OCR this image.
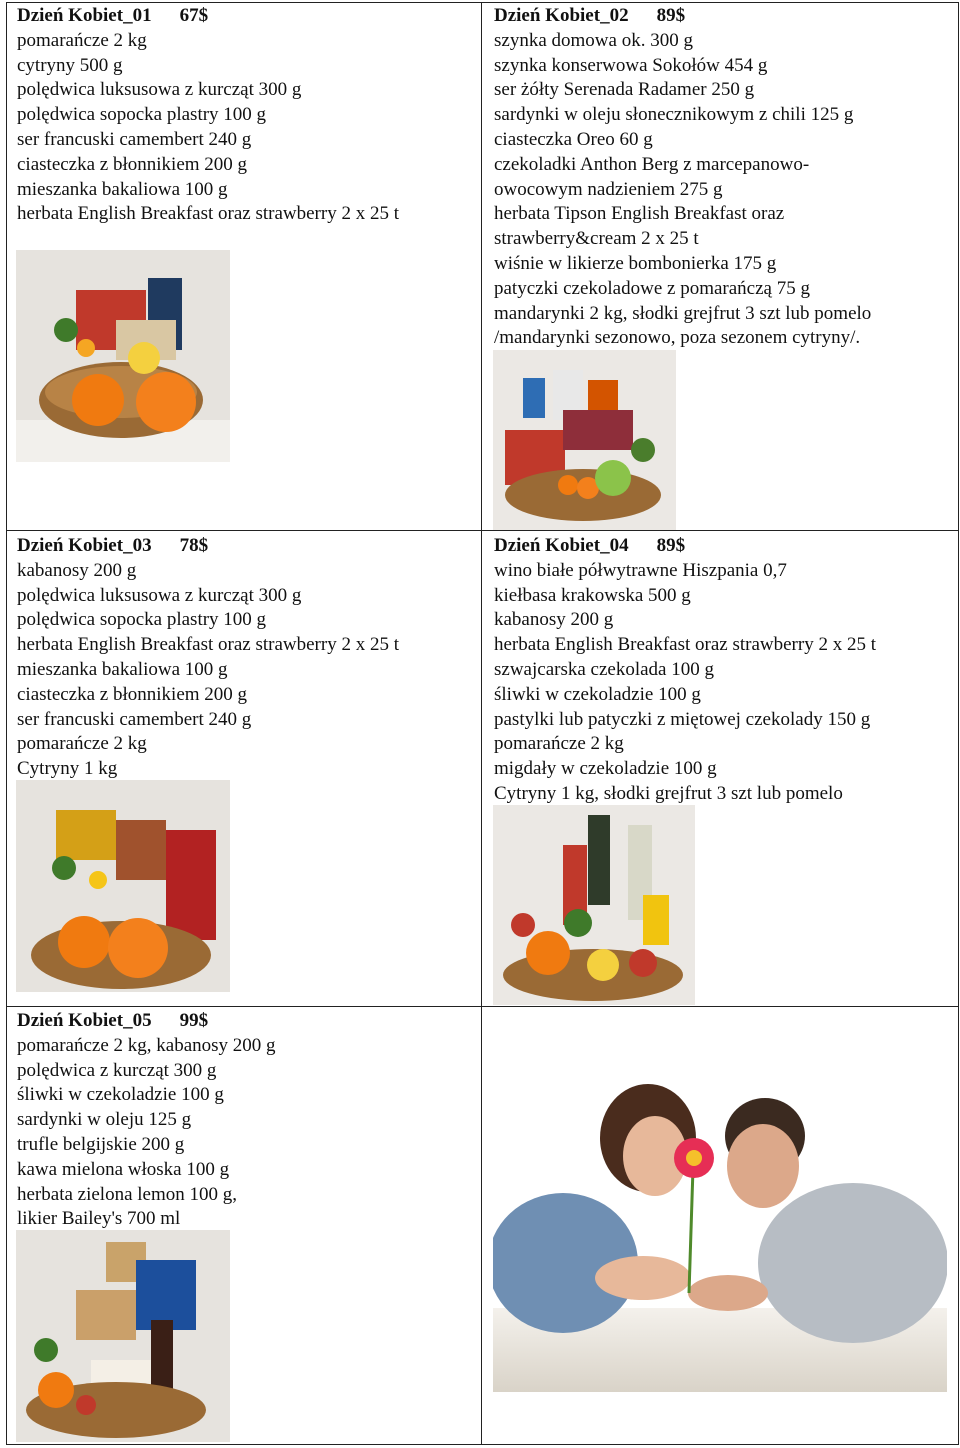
Dzień Kobiet_01 67$
pomarańcze 2 kg
cytryny 500 g
polędwica luksusowa z kurcząt 300 g
polędwica sopocka plastry 100 g
ser francuski camembert 240 g
ciasteczka z błonnikiem 200 g
mieszanka bakaliowa 100 g
herbata English Breakfast oraz strawberry 2 x 25 t
Dzień Kobiet_02 89$
szynka domowa ok. 300 g
szynka konserwowa Sokołów 454 g
ser żółty Serenada Radamer 250 g
sardynki w oleju słonecznikowym z chili 125 g
ciasteczka Oreo 60 g
czekoladki Anthon Berg z marcepanowo-
owocowym nadzieniem 275 g
herbata Tipson English Breakfast oraz
strawberry&cream 2 x 25 t
wiśnie w likierze bombonierka 175 g
patyczki czekoladowe z pomarańczą 75 g
mandarynki 2 kg, słodki grejfrut 3 szt lub pomelo
/mandarynki sezonowo, poza sezonem cytryny/.
Dzień Kobiet_03 78$
kabanosy 200 g
polędwica luksusowa z kurcząt 300 g
polędwica sopocka plastry 100 g
herbata English Breakfast oraz strawberry 2 x 25 t
mieszanka bakaliowa 100 g
ciasteczka z błonnikiem 200 g
ser francuski camembert 240 g
pomarańcze 2 kg
Cytryny 1 kg
Dzień Kobiet_04 89$
wino białe półwytrawne Hiszpania 0,7
kiełbasa krakowska 500 g
kabanosy 200 g
herbata English Breakfast oraz strawberry 2 x 25 t
szwajcarska czekolada 100 g
śliwki w czekoladzie 100 g
pastylki lub patyczki z miętowej czekolady 150 g
pomarańcze 2 kg
migdały w czekoladzie 100 g
Cytryny 1 kg, słodki grejfrut 3 szt lub pomelo
Dzień Kobiet_05 99$
pomarańcze 2 kg, kabanosy 200 g
polędwica z kurcząt 300 g
śliwki w czekoladzie 100 g
sardynki w oleju 125 g
trufle belgijskie 200 g
kawa mielona włoska 100 g
herbata zielona lemon 100 g,
likier Bailey's 700 ml
